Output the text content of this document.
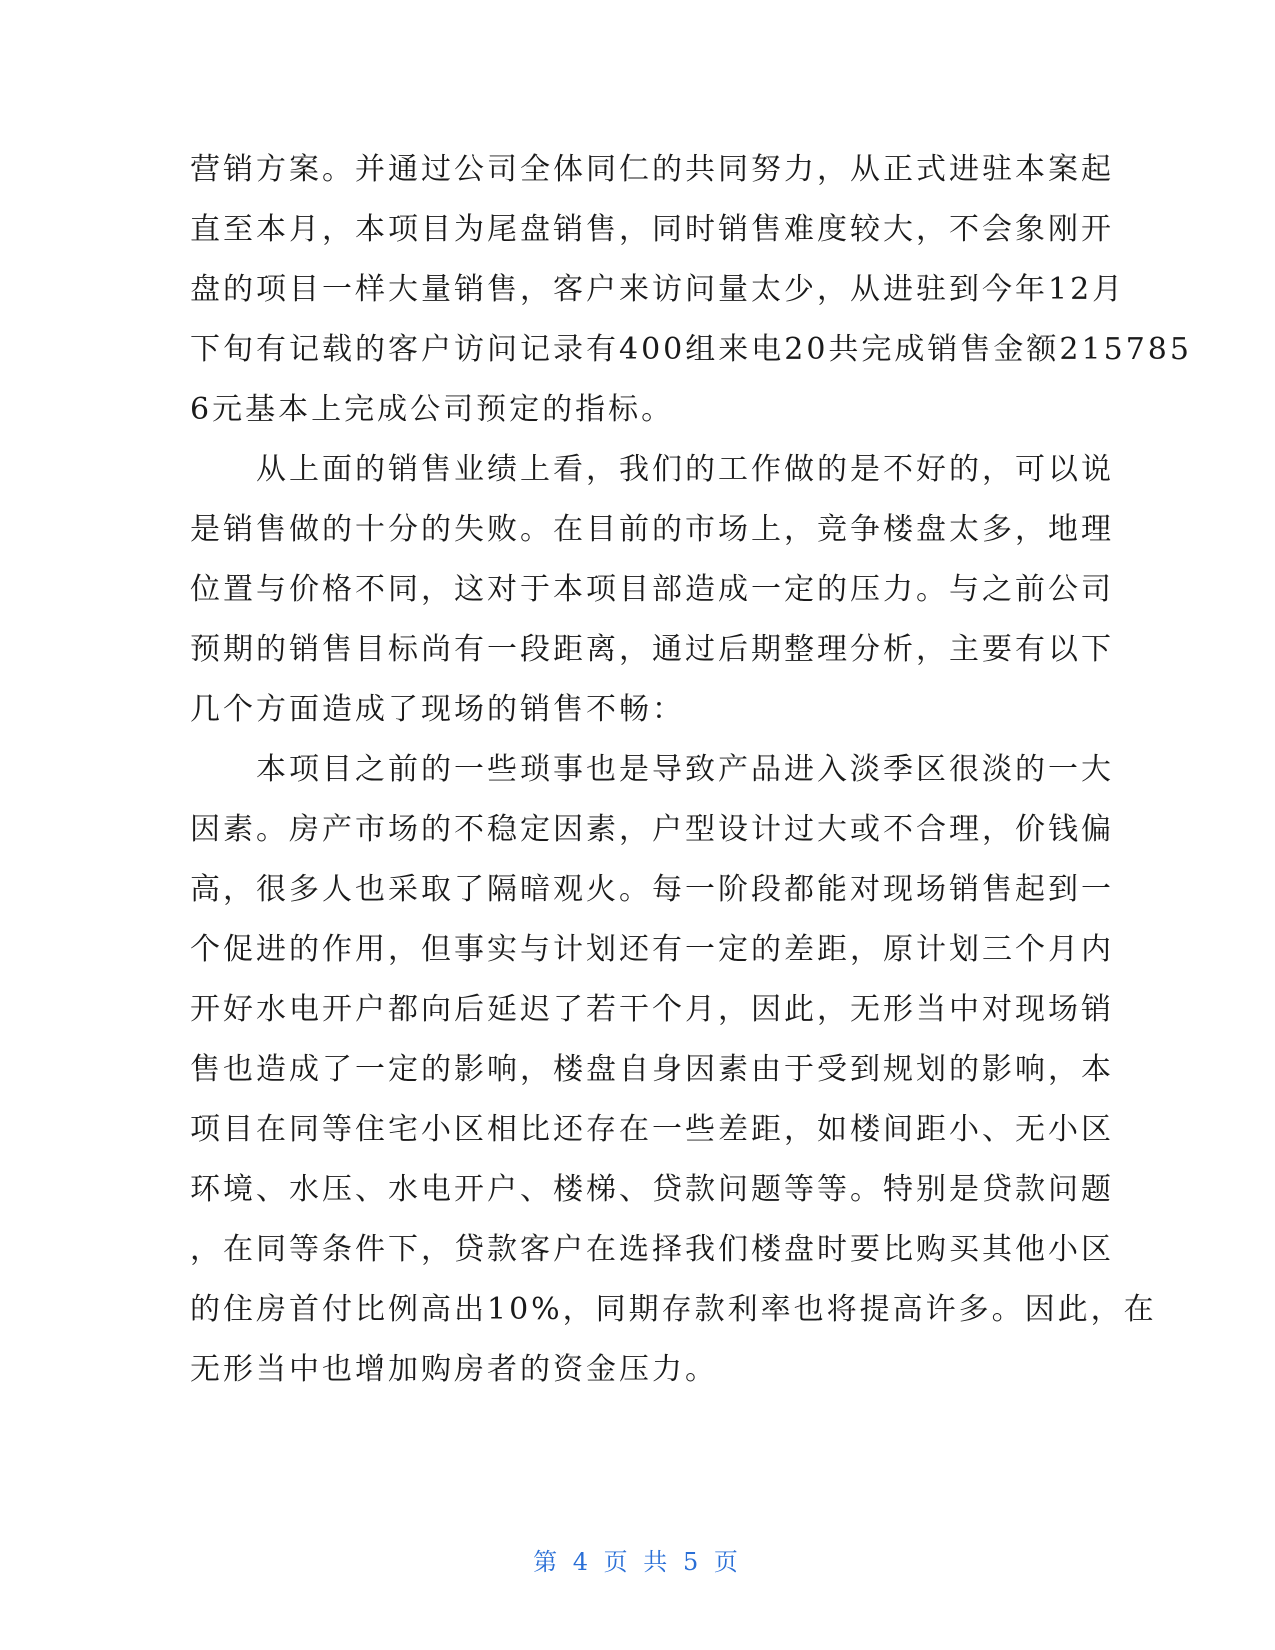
营销方案。并通过公司全体同仁的共同努力，从正式进驻本案起
直至本月，本项目为尾盘销售，同时销售难度较大，不会象刚开
盘的项目一样大量销售，客户来访问量太少，从进驻到今年12月
下旬有记载的客户访问记录有400组来电20共完成销售金额215785
6元基本上完成公司预定的指标。
　　从上面的销售业绩上看，我们的工作做的是不好的，可以说
是销售做的十分的失败。在目前的市场上，竞争楼盘太多，地理
位置与价格不同，这对于本项目部造成一定的压力。与之前公司
预期的销售目标尚有一段距离，通过后期整理分析，主要有以下
几个方面造成了现场的销售不畅：
　　本项目之前的一些琐事也是导致产品进入淡季区很淡的一大
因素。房产市场的不稳定因素，户型设计过大或不合理，价钱偏
高，很多人也采取了隔暗观火。每一阶段都能对现场销售起到一
个促进的作用，但事实与计划还有一定的差距，原计划三个月内
开好水电开户都向后延迟了若干个月，因此，无形当中对现场销
售也造成了一定的影响，楼盘自身因素由于受到规划的影响，本
项目在同等住宅小区相比还存在一些差距，如楼间距小、无小区
环境、水压、水电开户、楼梯、贷款问题等等。特别是贷款问题
，在同等条件下，贷款客户在选择我们楼盘时要比购买其他小区
的住房首付比例高出10%，同期存款利率也将提高许多。因此，在
无形当中也增加购房者的资金压力。
第 4 页 共 5 页
